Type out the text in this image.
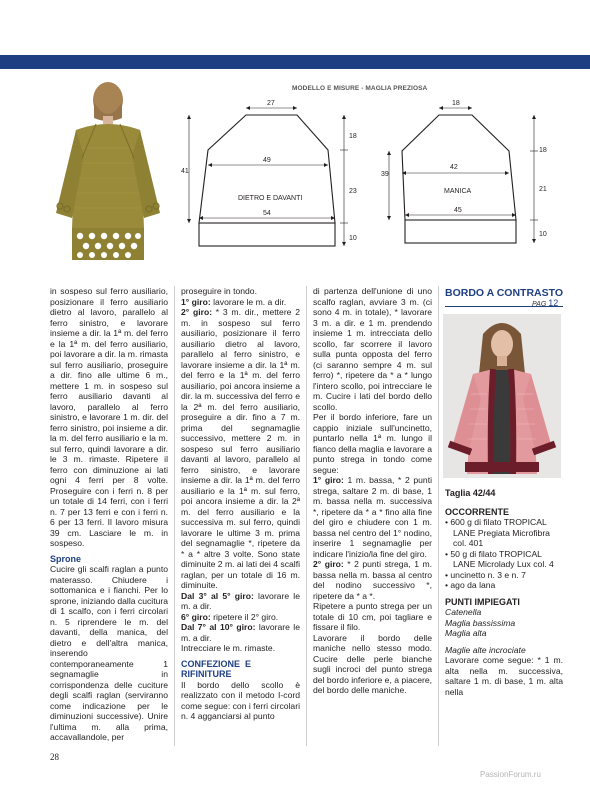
MODELLO E MISURE - MAGLIA PREZIOSA
27
49
DIETRO E DAVANTI
54
41
18
23
10
18
42
MANICA
45
39
18
21
10

in sospeso sul ferro ausiliario, posizionare il ferro ausiliario dietro al lavoro, parallelo al ferro sinistro, e lavorare insieme a dir. la 1ª m. del ferro e la 1ª m. del ferro ausiliario, poi lavorare a dir. la m. rimasta sul ferro ausiliario, proseguire a dir. fino alle ultime 6 m., mettere 1 m. in sospeso sul ferro ausiliario davanti al lavoro, parallelo al ferro sinistro, e lavorare 1 m. dir. del ferro sinistro, poi insieme a dir. la m. del ferro ausiliario e la m. sul ferro, quindi lavorare a dir. le 3 m. rimaste. Ripetere il ferro con diminuzione ai lati ogni 4 ferri per 8 volte. Proseguire con i ferri n. 8 per un totale di 14 ferri, con i ferri n. 7 per 13 ferri e con i ferri n. 6 per 13 ferri. Il lavoro misura 39 cm. Lasciare le m. in sospeso.

Sprone

Cucire gli scalfi raglan a punto materasso. Chiudere i sottomanica e i fianchi. Per lo sprone, iniziando dalla cucitura di 1 scalfo, con i ferri circolari n. 5 riprendere le m. del davanti, della manica, del dietro e dell'altra manica, inserendo contemporaneamente 1 segnamaglie in corrispondenza delle cuciture degli scalfi raglan (serviranno come indicazione per le diminuzioni successive). Unire l'ultima m. alla prima, accavallandole, per

proseguire in tondo.

1° giro: lavorare le m. a dir.

2° giro: * 3 m. dir., mettere 2 m. in sospeso sul ferro ausiliario, posizionare il ferro ausiliario dietro al lavoro, parallelo al ferro sinistro, e lavorare insieme a dir. la 1ª m. del ferro e la 1ª m. del ferro ausiliario, poi ancora insieme a dir. la m. successiva del ferro e la 2ª m. del ferro ausiliario, proseguire a dir. fino a 7 m. prima del segnamaglie successivo, mettere 2 m. in sospeso sul ferro ausiliario davanti al lavoro, parallelo al ferro sinistro, e lavorare insieme a dir. la 1ª m. del ferro ausiliario e la 1ª m. sul ferro, poi ancora insieme a dir. la 2ª m. del ferro ausiliario e la successiva m. sul ferro, quindi lavorare le ultime 3 m. prima del segnamaglie *, ripetere da * a * altre 3 volte. Sono state diminuite 2 m. ai lati dei 4 scalfi raglan, per un totale di 16 m. diminuite.

Dal 3° al 5° giro: lavorare le m. a dir.

6° giro: ripetere il 2° giro.

Dal 7° al 10° giro: lavorare le m. a dir.

Intrecciare le m. rimaste.

CONFEZIONE E RIFINITURE

Il bordo dello scollo è realizzato con il metodo I-cord come segue: con i ferri circolari n. 4 agganciarsi al punto

di partenza dell'unione di uno scalfo raglan, avviare 3 m. (ci sono 4 m. in totale), * lavorare 3 m. a dir. e 1 m. prendendo insieme 1 m. intrecciata dello scollo, far scorrere il lavoro sulla punta opposta del ferro (ci saranno sempre 4 m. sul ferro) *, ripetere da * a * lungo l'intero scollo, poi intrecciare le m. Cucire i lati del bordo dello scollo.

Per il bordo inferiore, fare un cappio iniziale sull'uncinetto, puntarlo nella 1ª m. lungo il fianco della maglia e lavorare a punto strega in tondo come segue:

1° giro: 1 m. bassa, * 2 punti strega, saltare 2 m. di base, 1 m. bassa nella m. successiva *, ripetere da * a * fino alla fine del giro e chiudere con 1 m. bassa nel centro del 1° nodino, inserire 1 segnamaglie per indicare l'inizio/la fine del giro.

2° giro: * 2 punti strega, 1 m. bassa nella m. bassa al centro del nodino successivo *, ripetere da * a *.

Ripetere a punto strega per un totale di 10 cm, poi tagliare e fissare il filo.

Lavorare il bordo delle maniche nello stesso modo. Cucire delle perle bianche sugli incroci del punto strega del bordo inferiore e, a piacere, del bordo delle maniche.

BORDO A CONTRASTO
PAG 12

Taglia 42/44

OCCORRENTE

• 600 g di filato TROPICAL LANE Pregiata Microfibra col. 401
• 50 g di filato TROPICAL LANE Microlady Lux col. 4
• uncinetto n. 3 e n. 7
• ago da lana

PUNTI IMPIEGATI

Catenella

Maglia bassissima

Maglia alta

Maglie alte incrociate

Lavorare come segue: * 1 m. alta nella m. successiva, saltare 1 m. di base, 1 m. alta nella

28
PassionForum.ru
